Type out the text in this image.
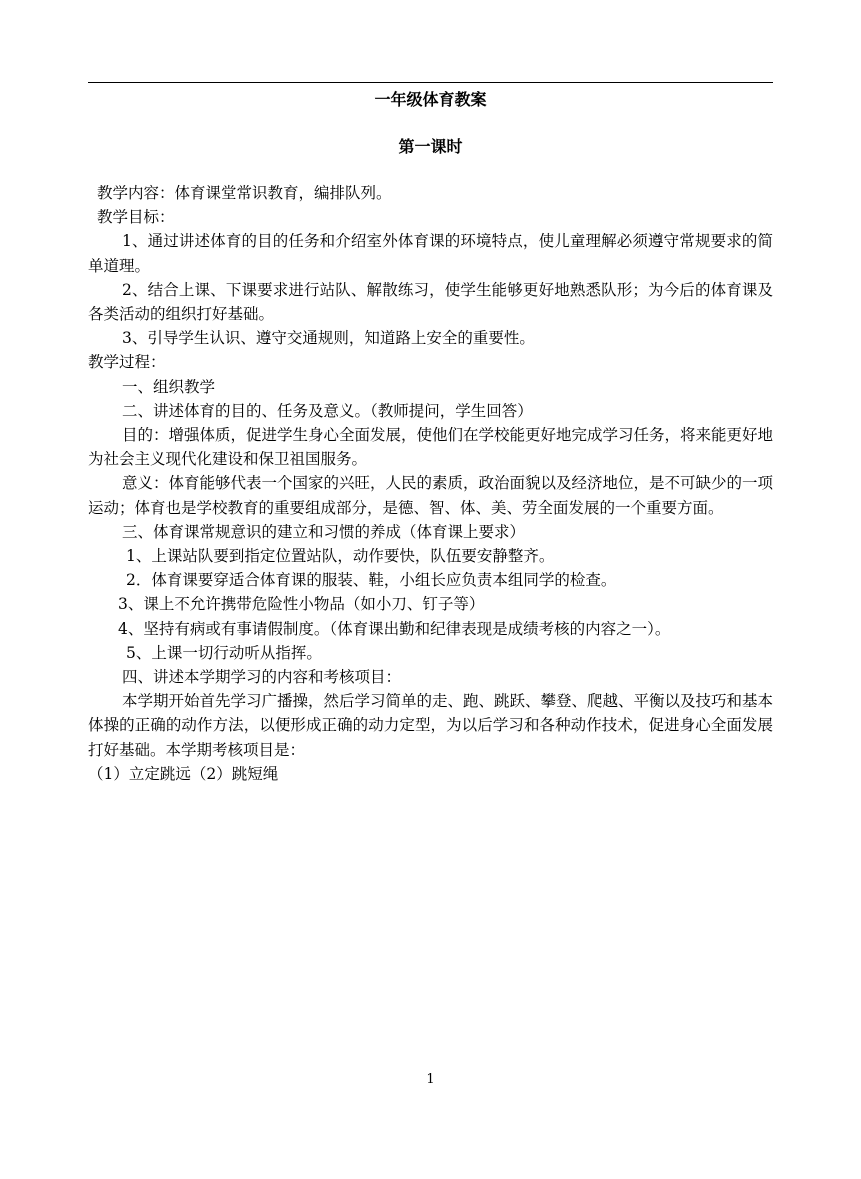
一年级体育教案
第一课时

教学内容：体育课堂常识教育，编排队列。

教学目标：

1、通过讲述体育的目的任务和介绍室外体育课的环境特点，使儿童理解必须遵守常规要求的简单道理。

2、结合上课、下课要求进行站队、解散练习，使学生能够更好地熟悉队形；为今后的体育课及各类活动的组织打好基础。

3、引导学生认识、遵守交通规则，知道路上安全的重要性。

教学过程：

一、组织教学

二、讲述体育的目的、任务及意义。（教师提问，学生回答）

目的：增强体质，促进学生身心全面发展，使他们在学校能更好地完成学习任务，将来能更好地为社会主义现代化建设和保卫祖国服务。

意义：体育能够代表一个国家的兴旺，人民的素质，政治面貌以及经济地位，是不可缺少的一项运动；体育也是学校教育的重要组成部分，是德、智、体、美、劳全面发展的一个重要方面。

三、体育课常规意识的建立和习惯的养成（体育课上要求）

1、上课站队要到指定位置站队，动作要快，队伍要安静整齐。

2．体育课要穿适合体育课的服装、鞋，小组长应负责本组同学的检查。

3、课上不允许携带危险性小物品（如小刀、钉子等）

4、坚持有病或有事请假制度。（体育课出勤和纪律表现是成绩考核的内容之一）。

5、上课一切行动听从指挥。

四、讲述本学期学习的内容和考核项目：

本学期开始首先学习广播操，然后学习简单的走、跑、跳跃、攀登、爬越、平衡以及技巧和基本体操的正确的动作方法，以便形成正确的动力定型，为以后学习和各种动作技术，促进身心全面发展打好基础。本学期考核项目是：

（1）立定跳远（2）跳短绳

1
